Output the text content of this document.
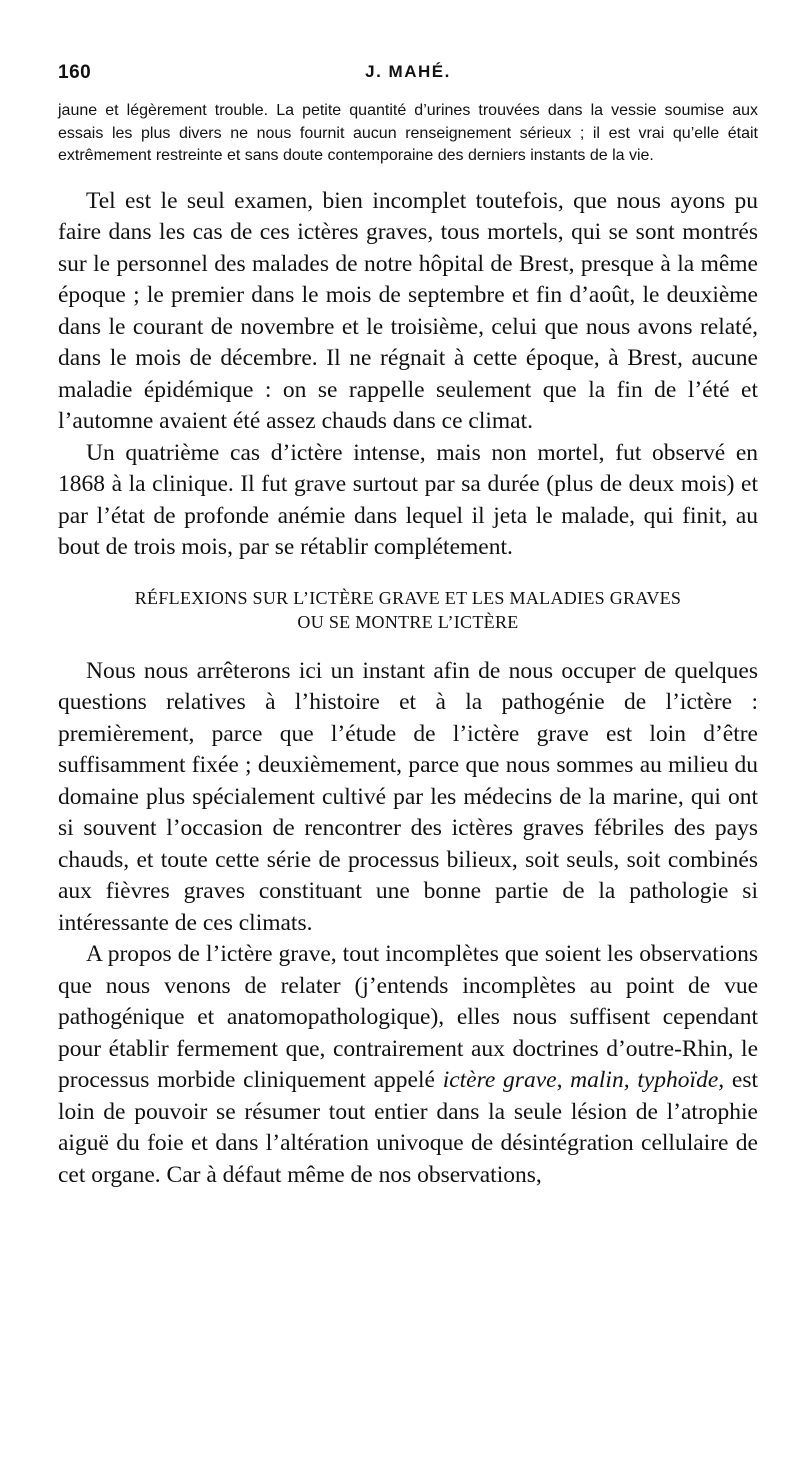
160	J. MAHÉ.

jaune et légèrement trouble. La petite quantité d’urines trouvées dans la vessie soumise aux essais les plus divers ne nous fournit aucun renseignement sérieux ; il est vrai qu’elle était extrêmement restreinte et sans doute contemporaine des derniers instants de la vie.

Tel est le seul examen, bien incomplet toutefois, que nous ayons pu faire dans les cas de ces ictères graves, tous mortels, qui se sont montrés sur le personnel des malades de notre hôpital de Brest, presque à la même époque ; le premier dans le mois de septembre et fin d’août, le deuxième dans le courant de novembre et le troisième, celui que nous avons relaté, dans le mois de décembre. Il ne régnait à cette époque, à Brest, aucune maladie épidémique : on se rappelle seulement que la fin de l’été et l’automne avaient été assez chauds dans ce climat.

Un quatrième cas d’ictère intense, mais non mortel, fut observé en 1868 à la clinique. Il fut grave surtout par sa durée (plus de deux mois) et par l’état de profonde anémie dans lequel il jeta le malade, qui finit, au bout de trois mois, par se rétablir complétement.

RÉFLEXIONS SUR L’ICTÈRE GRAVE ET LES MALADIES GRAVES
OU SE MONTRE L’ICTÈRE

Nous nous arrêterons ici un instant afin de nous occuper de quelques questions relatives à l’histoire et à la pathogénie de l’ictère : premièrement, parce que l’étude de l’ictère grave est loin d’être suffisamment fixée ; deuxièmement, parce que nous sommes au milieu du domaine plus spécialement cultivé par les médecins de la marine, qui ont si souvent l’occasion de rencontrer des ictères graves fébriles des pays chauds, et toute cette série de processus bilieux, soit seuls, soit combinés aux fièvres graves constituant une bonne partie de la pathologie si intéressante de ces climats.

A propos de l’ictère grave, tout incomplètes que soient les observations que nous venons de relater (j’entends incomplètes au point de vue pathogénique et anatomopathologique), elles nous suffisent cependant pour établir fermement que, contrairement aux doctrines d’outre-Rhin, le processus morbide cliniquement appelé ictère grave, malin, typhoïde, est loin de pouvoir se résumer tout entier dans la seule lésion de l’atrophie aiguë du foie et dans l’altération univoque de désintégration cellulaire de cet organe. Car à défaut même de nos observations,
